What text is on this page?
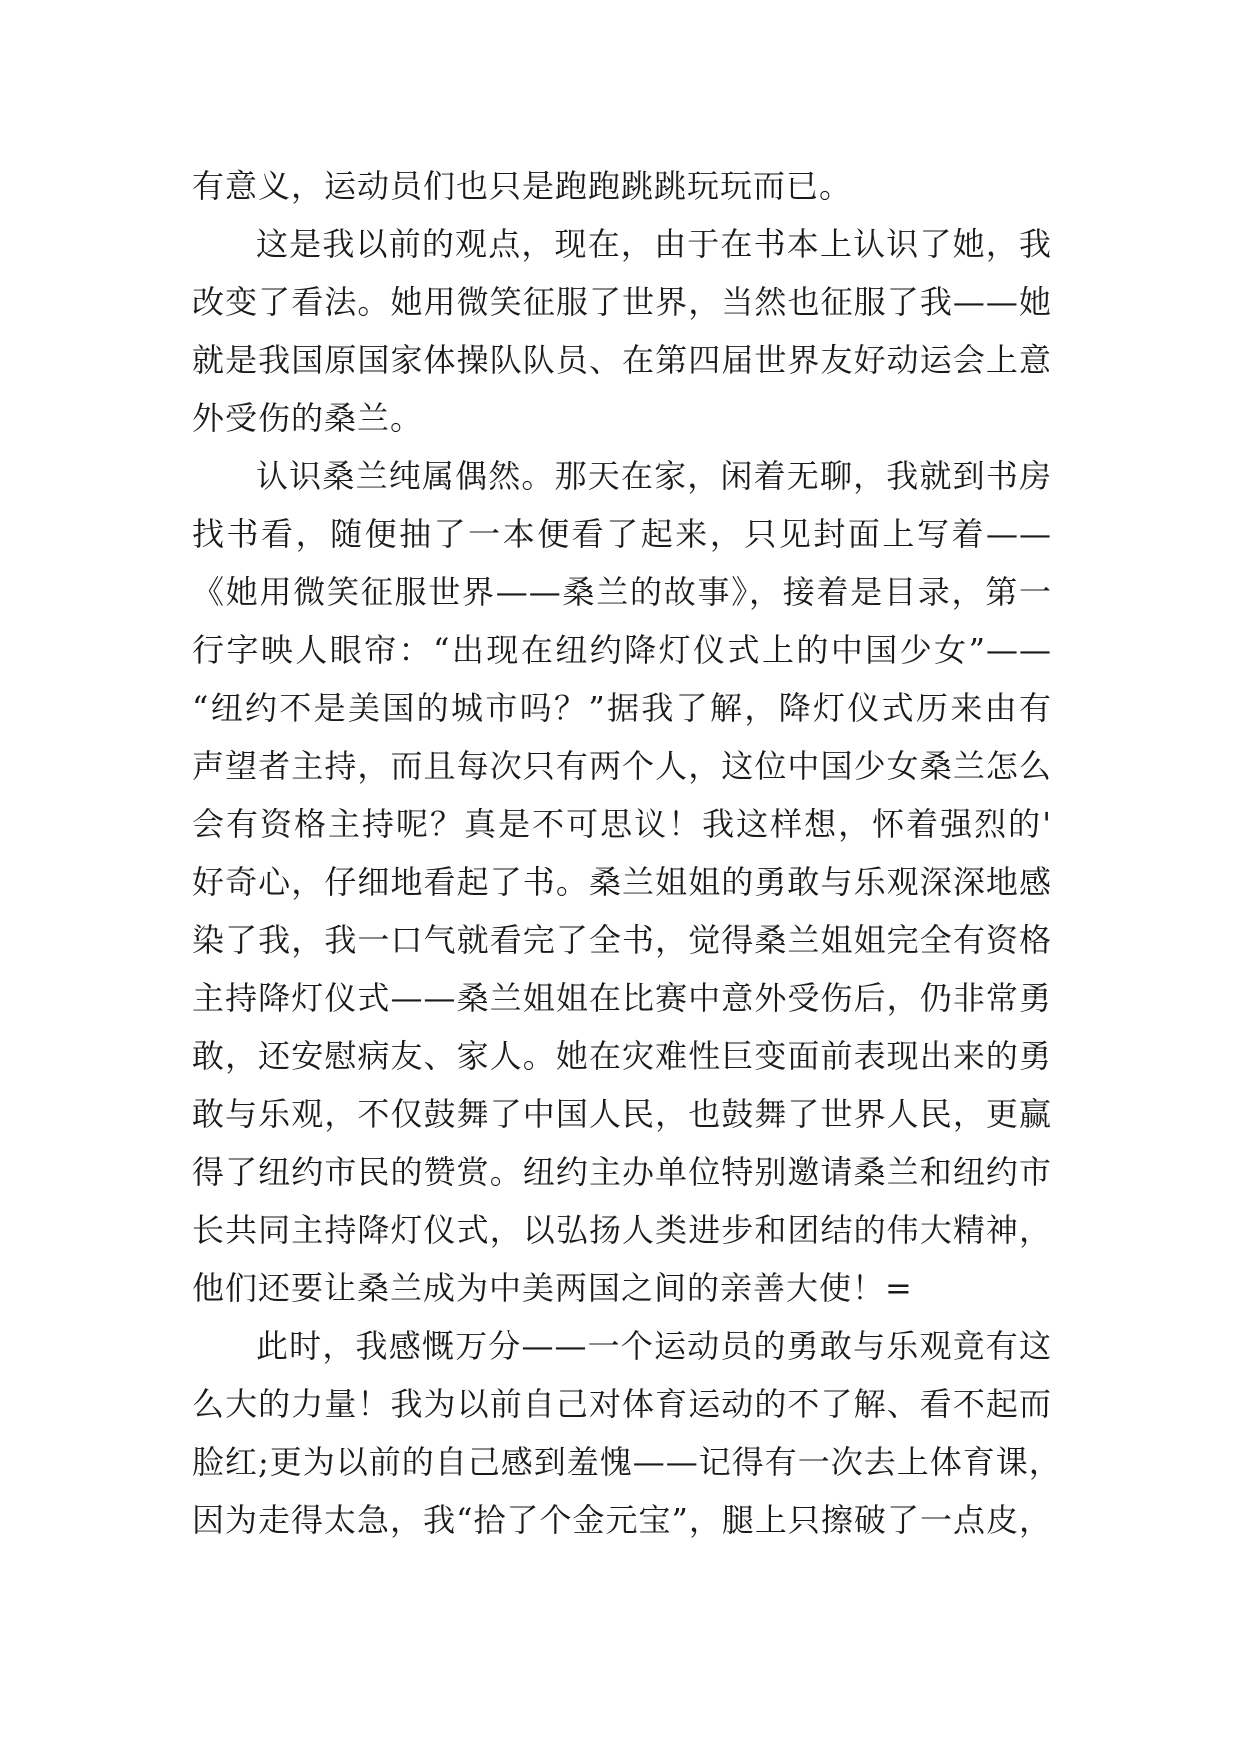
有意义，运动员们也只是跑跑跳跳玩玩而已。
这是我以前的观点，现在，由于在书本上认识了她，我
改变了看法。她用微笑征服了世界，当然也征服了我——她
就是我国原国家体操队队员、在第四届世界友好动运会上意
外受伤的桑兰。
认识桑兰纯属偶然。那天在家，闲着无聊，我就到书房
找书看，随便抽了一本便看了起来，只见封面上写着——
《她用微笑征服世界——桑兰的故事》，接着是目录，第一
行字映人眼帘：“出现在纽约降灯仪式上的中国少女”——
“纽约不是美国的城市吗？”据我了解，降灯仪式历来由有
声望者主持，而且每次只有两个人，这位中国少女桑兰怎么
会有资格主持呢？真是不可思议！我这样想，怀着强烈的'
好奇心，仔细地看起了书。桑兰姐姐的勇敢与乐观深深地感
染了我，我一口气就看完了全书，觉得桑兰姐姐完全有资格
主持降灯仪式——桑兰姐姐在比赛中意外受伤后，仍非常勇
敢，还安慰病友、家人。她在灾难性巨变面前表现出来的勇
敢与乐观，不仅鼓舞了中国人民，也鼓舞了世界人民，更赢
得了纽约市民的赞赏。纽约主办单位特别邀请桑兰和纽约市
长共同主持降灯仪式，以弘扬人类进步和团结的伟大精神，
他们还要让桑兰成为中美两国之间的亲善大使！=
此时，我感慨万分——一个运动员的勇敢与乐观竟有这
么大的力量！我为以前自己对体育运动的不了解、看不起而
脸红;更为以前的自己感到羞愧——记得有一次去上体育课，
因为走得太急，我“拾了个金元宝”，腿上只擦破了一点皮，
